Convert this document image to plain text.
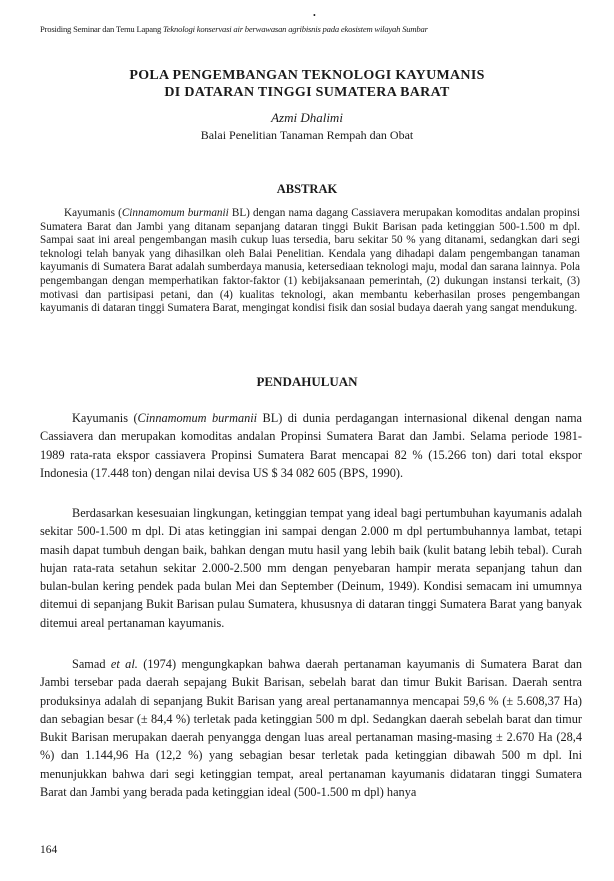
•
Prosiding Seminar dan Temu Lapang Teknologi konservasi air berwawasan agribisnis pada ekosistem wilayah Sumbar
POLA PENGEMBANGAN TEKNOLOGI KAYUMANIS
DI DATARAN TINGGI SUMATERA BARAT
Azmi Dhalimi
Balai Penelitian Tanaman Rempah dan Obat
ABSTRAK

Kayumanis (Cinnamomum burmanii BL) dengan nama dagang Cassiavera merupakan komoditas andalan propinsi Sumatera Barat dan Jambi yang ditanam sepanjang dataran tinggi Bukit Barisan pada ketinggian 500-1.500 m dpl. Sampai saat ini areal pengembangan masih cukup luas tersedia, baru sekitar 50 % yang ditanami, sedangkan dari segi teknologi telah banyak yang dihasilkan oleh Balai Penelitian. Kendala yang dihadapi dalam pengembangan tanaman kayumanis di Sumatera Barat adalah sumberdaya manusia, ketersediaan teknologi maju, modal dan sarana lainnya. Pola pengembangan dengan memperhatikan faktor-faktor (1) kebijaksanaan pemerintah, (2) dukungan instansi terkait, (3) motivasi dan partisipasi petani, dan (4) kualitas teknologi, akan membantu keberhasilan proses pengembangan kayumanis di dataran tinggi Sumatera Barat, mengingat kondisi fisik dan sosial budaya daerah yang sangat mendukung.

PENDAHULUAN

Kayumanis (Cinnamomum burmanii BL) di dunia perdagangan internasional dikenal dengan nama Cassiavera dan merupakan komoditas andalan Propinsi Sumatera Barat dan Jambi. Selama periode 1981-1989 rata-rata ekspor cassiavera Propinsi Sumatera Barat mencapai 82 % (15.266 ton) dari total ekspor Indonesia (17.448 ton) dengan nilai devisa US $ 34 082 605 (BPS, 1990).

Berdasarkan kesesuaian lingkungan, ketinggian tempat yang ideal bagi pertumbuhan kayumanis adalah sekitar 500-1.500 m dpl. Di atas ketinggian ini sampai dengan 2.000 m dpl pertumbuhannya lambat, tetapi masih dapat tumbuh dengan baik, bahkan dengan mutu hasil yang lebih baik (kulit batang lebih tebal). Curah hujan rata-rata setahun sekitar 2.000-2.500 mm dengan penyebaran hampir merata sepanjang tahun dan bulan-bulan kering pendek pada bulan Mei dan September (Deinum, 1949). Kondisi semacam ini umumnya ditemui di sepanjang Bukit Barisan pulau Sumatera, khususnya di dataran tinggi Sumatera Barat yang banyak ditemui areal pertanaman kayumanis.

Samad et al. (1974) mengungkapkan bahwa daerah pertanaman kayumanis di Sumatera Barat dan Jambi tersebar pada daerah sepajang Bukit Barisan, sebelah barat dan timur Bukit Barisan. Daerah sentra produksinya adalah di sepanjang Bukit Barisan yang areal pertanamannya mencapai 59,6 % (± 5.608,37 Ha) dan sebagian besar (± 84,4 %) terletak pada ketinggian 500 m dpl. Sedangkan daerah sebelah barat dan timur Bukit Barisan merupakan daerah penyangga dengan luas areal pertanaman masing-masing ± 2.670 Ha (28,4 %) dan 1.144,96 Ha (12,2 %) yang sebagian besar terletak pada ketinggian dibawah 500 m dpl. Ini menunjukkan bahwa dari segi ketinggian tempat, areal pertanaman kayumanis didataran tinggi Sumatera Barat dan Jambi yang berada pada ketinggian ideal (500-1.500 m dpl) hanya

164
